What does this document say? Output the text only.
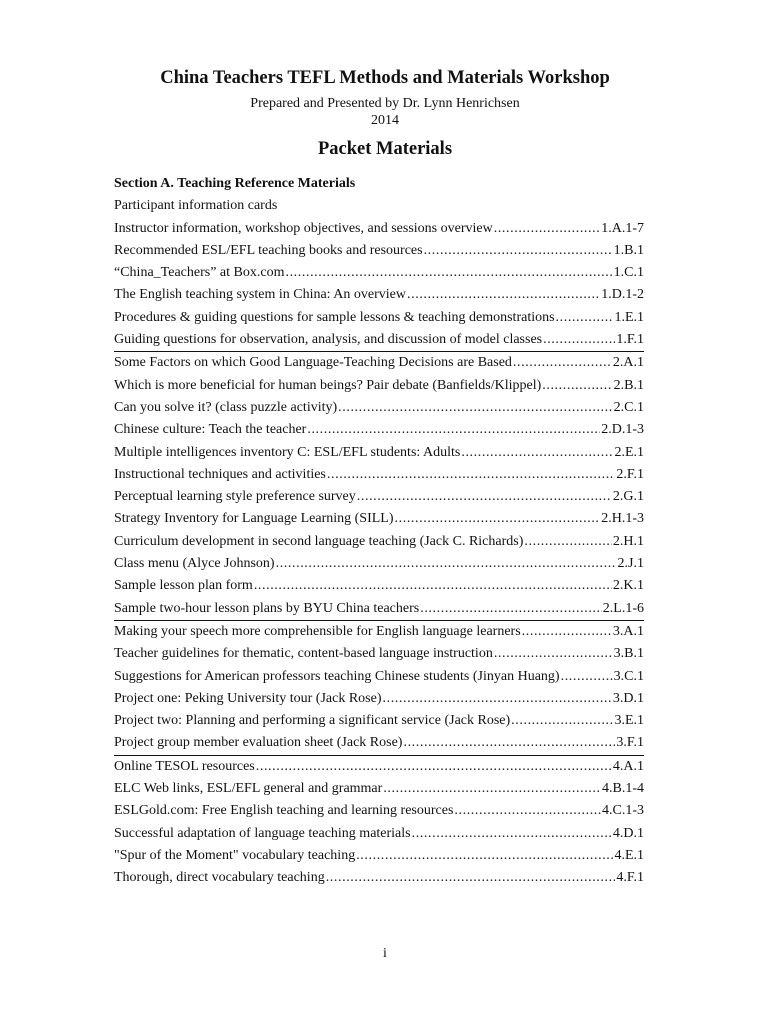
China Teachers TEFL Methods and Materials Workshop
Prepared and Presented by Dr. Lynn Henrichsen
2014
Packet Materials
Section A. Teaching Reference Materials
Participant information cards
Instructor information, workshop objectives, and sessions overview .....	1.A.1-7
Recommended ESL/EFL teaching books and resources .....	1.B.1
“China_Teachers” at Box.com .....	1.C.1
The English teaching system in China: An overview .....	1.D.1-2
Procedures & guiding questions for sample lessons & teaching demonstrations .....	1.E.1
Guiding questions for observation, analysis, and discussion of model classes .....	1.F.1
Some Factors on which Good Language-Teaching Decisions are Based .....	2.A.1
Which is more beneficial for human beings? Pair debate (Banfields/Klippel) .....	2.B.1
Can you solve it? (class puzzle activity) .....	2.C.1
Chinese culture: Teach the teacher .....	2.D.1-3
Multiple intelligences inventory C: ESL/EFL students: Adults .....	2.E.1
Instructional techniques and activities .....	2.F.1
Perceptual learning style preference survey .....	2.G.1
Strategy Inventory for Language Learning (SILL) .....	2.H.1-3
Curriculum development in second language teaching (Jack C. Richards) .....	2.H.1
Class menu (Alyce Johnson) .....	2.J.1
Sample lesson plan form .....	2.K.1
Sample two-hour lesson plans by BYU China teachers .....	2.L.1-6
Making your speech more comprehensible for English language learners .....	3.A.1
Teacher guidelines for thematic, content-based language instruction .....	3.B.1
Suggestions for American professors teaching Chinese students (Jinyan Huang) .....	3.C.1
Project one: Peking University tour (Jack Rose) .....	3.D.1
Project two: Planning and performing a significant service (Jack Rose) .....	3.E.1
Project group member evaluation sheet (Jack Rose) .....	3.F.1
Online TESOL resources .....	4.A.1
ELC Web links, ESL/EFL general and grammar .....	4.B.1-4
ESLGold.com: Free English teaching and learning resources .....	4.C.1-3
Successful adaptation of language teaching materials .....	4.D.1
"Spur of the Moment" vocabulary teaching .....	4.E.1
Thorough, direct vocabulary teaching .....	4.F.1
i
